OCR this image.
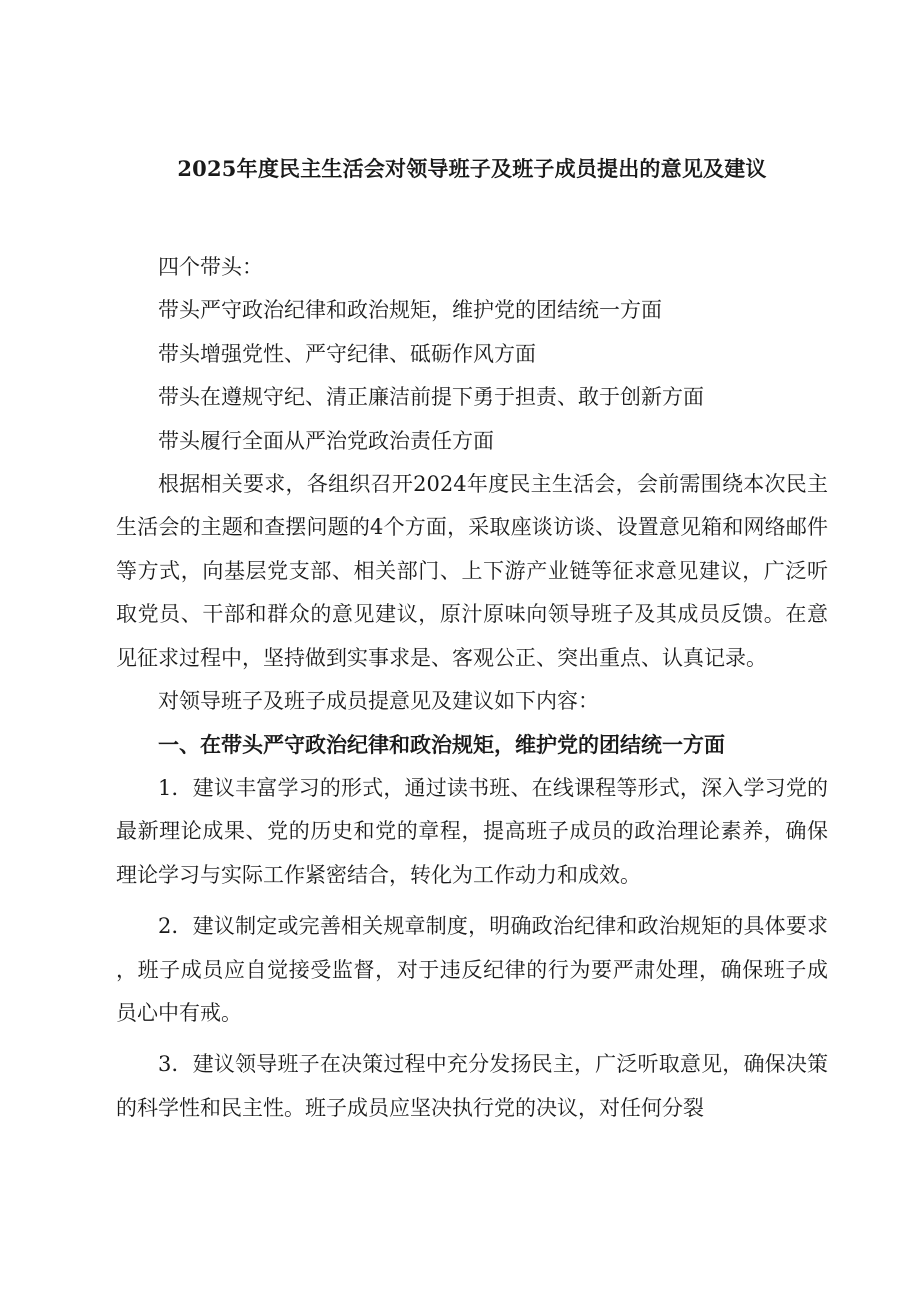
2025年度民主生活会对领导班子及班子成员提出的意见及建议

四个带头：

带头严守政治纪律和政治规矩，维护党的团结统一方面

带头增强党性、严守纪律、砥砺作风方面

带头在遵规守纪、清正廉洁前提下勇于担责、敢于创新方面

带头履行全面从严治党政治责任方面

根据相关要求，各组织召开2024年度民主生活会，会前需围绕本次民主生活会的主题和查摆问题的4个方面，采取座谈访谈、设置意见箱和网络邮件等方式，向基层党支部、相关部门、上下游产业链等征求意见建议，广泛听取党员、干部和群众的意见建议，原汁原味向领导班子及其成员反馈。在意见征求过程中，坚持做到实事求是、客观公正、突出重点、认真记录。

对领导班子及班子成员提意见及建议如下内容：

一、在带头严守政治纪律和政治规矩，维护党的团结统一方面

1．建议丰富学习的形式，通过读书班、在线课程等形式，深入学习党的最新理论成果、党的历史和党的章程，提高班子成员的政治理论素养，确保理论学习与实际工作紧密结合，转化为工作动力和成效。

2．建议制定或完善相关规章制度，明确政治纪律和政治规矩的具体要求，班子成员应自觉接受监督，对于违反纪律的行为要严肃处理，确保班子成员心中有戒。

3．建议领导班子在决策过程中充分发扬民主，广泛听取意见，确保决策的科学性和民主性。班子成员应坚决执行党的决议，对任何分裂
